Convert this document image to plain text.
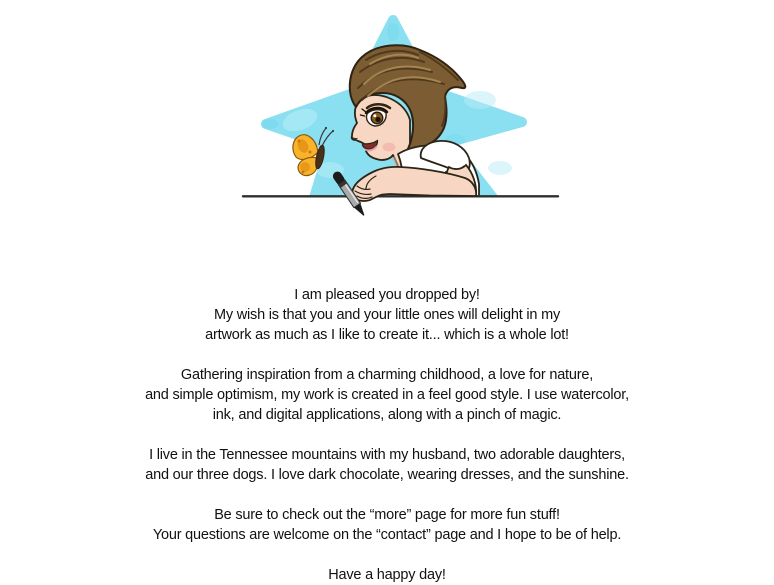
I am pleased you dropped by!
My wish is that you and your little ones will delight in my
artwork as much as I like to create it... which is a whole lot!

Gathering inspiration from a charming childhood, a love for nature,
and simple optimism, my work is created in a feel good style. I use watercolor,
ink, and digital applications, along with a pinch of magic.

I live in the Tennessee mountains with my husband, two adorable daughters,
and our three dogs. I love dark chocolate, wearing dresses, and the sunshine.

Be sure to check out the “more” page for more fun stuff!
Your questions are welcome on the “contact” page and I hope to be of help.

Have a happy day!
